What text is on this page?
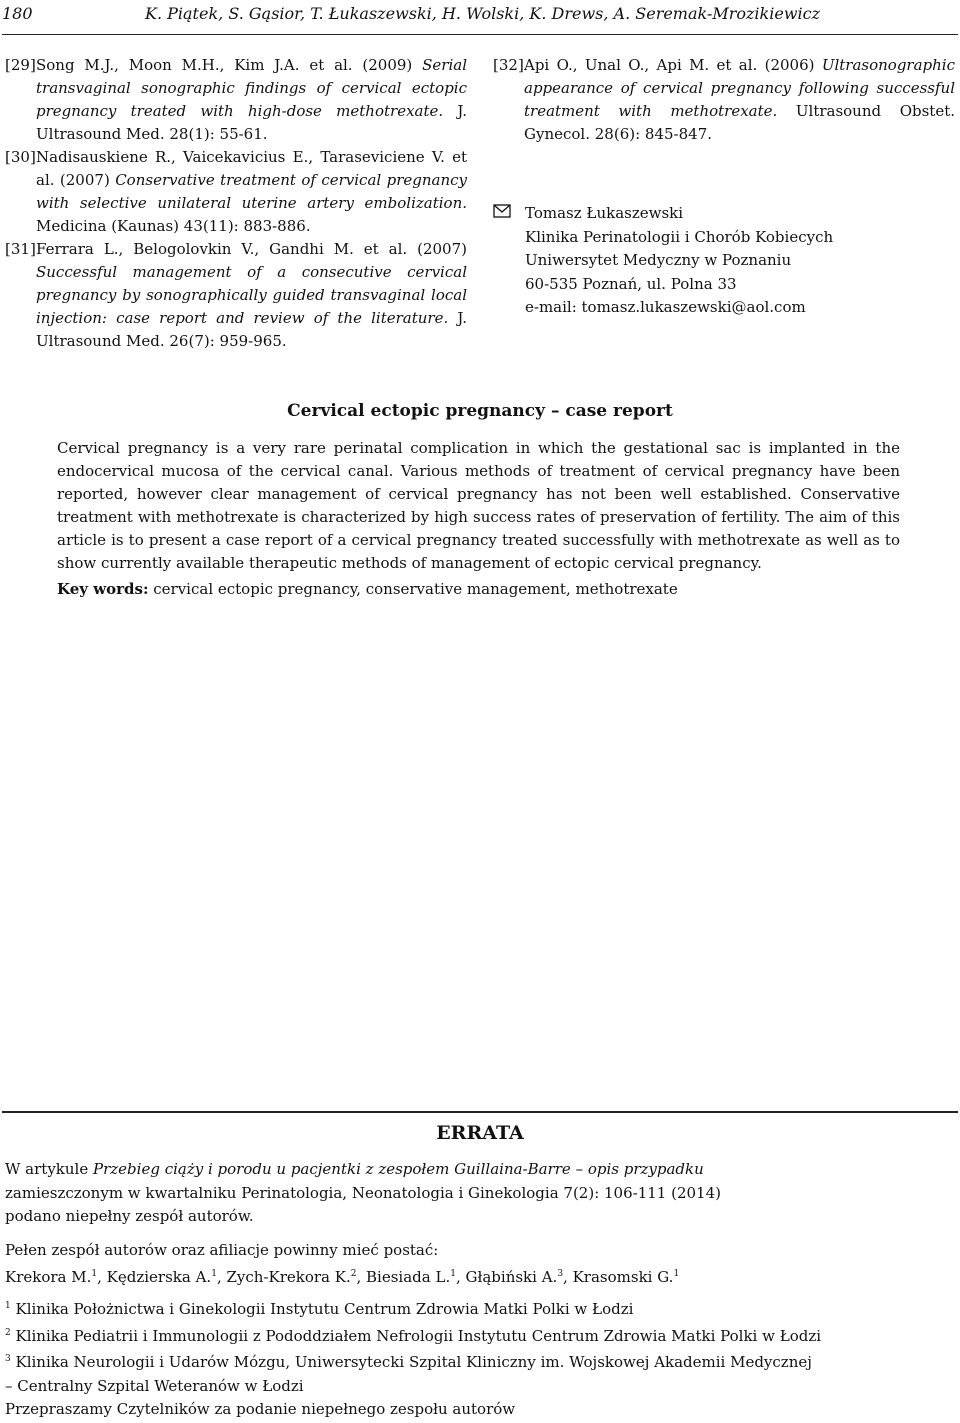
180	K. Piątek, S. Gąsior, T. Łukaszewski, H. Wolski, K. Drews, A. Seremak-Mrozikiewicz
[29] Song M.J., Moon M.H., Kim J.A. et al. (2009) Serial transvaginal sonographic findings of cervical ectopic pregnancy treated with high-dose methotrexate. J. Ultrasound Med. 28(1): 55-61.
[30] Nadisauskiene R., Vaicekavicius E., Taraseviciene V. et al. (2007) Conservative treatment of cervical pregnancy with selective unilateral uterine artery embolization. Medicina (Kaunas) 43(11): 883-886.
[31] Ferrara L., Belogolovkin V., Gandhi M. et al. (2007) Successful management of a consecutive cervical pregnancy by sonographically guided transvaginal local injection: case report and review of the literature. J. Ultrasound Med. 26(7): 959-965.
[32] Api O., Unal O., Api M. et al. (2006) Ultrasonographic appearance of cervical pregnancy following successful treatment with methotrexate. Ultrasound Obstet. Gynecol. 28(6): 845-847.
Tomasz Łukaszewski
Klinika Perinatologii i Chorób Kobiecych
Uniwersytet Medyczny w Poznaniu
60-535 Poznań, ul. Polna 33
e-mail: tomasz.lukaszewski@aol.com
Cervical ectopic pregnancy – case report
Cervical pregnancy is a very rare perinatal complication in which the gestational sac is implanted in the endocervical mucosa of the cervical canal. Various methods of treatment of cervical pregnancy have been reported, however clear management of cervical pregnancy has not been well established. Conservative treatment with methotrexate is characterized by high success rates of preservation of fertility. The aim of this article is to present a case report of a cervical pregnancy treated successfully with methotrexate as well as to show currently available therapeutic methods of management of ectopic cervical pregnancy.
Key words: cervical ectopic pregnancy, conservative management, methotrexate
ERRATA
W artykule Przebieg ciąży i porodu u pacjentki z zespołem Guillaina-Barre – opis przypadku
zamieszczonym w kwartalniku Perinatologia, Neonatologia i Ginekologia 7(2): 106-111 (2014)
podano niepełny zespół autorów.
Pełen zespół autorów oraz afiliacje powinny mieć postać:
Krekora M.$^1$, Kędzierska A.$^1$, Zych-Krekora K.$^2$, Biesiada L.$^1$, Głąbiński A.$^3$, Krasomski G.$^1$
$^1$ Klinika Położnictwa i Ginekologii Instytutu Centrum Zdrowia Matki Polki w Łodzi
$^2$ Klinika Pediatrii i Immunologii z Pododdziałem Nefrologii Instytutu Centrum Zdrowia Matki Polki w Łodzi
$^3$ Klinika Neurologii i Udarów Mózgu, Uniwersytecki Szpital Kliniczny im. Wojskowej Akademii Medycznej
– Centralny Szpital Weteranów w Łodzi
Przepraszamy Czytelników za podanie niepełnego zespołu autorów
